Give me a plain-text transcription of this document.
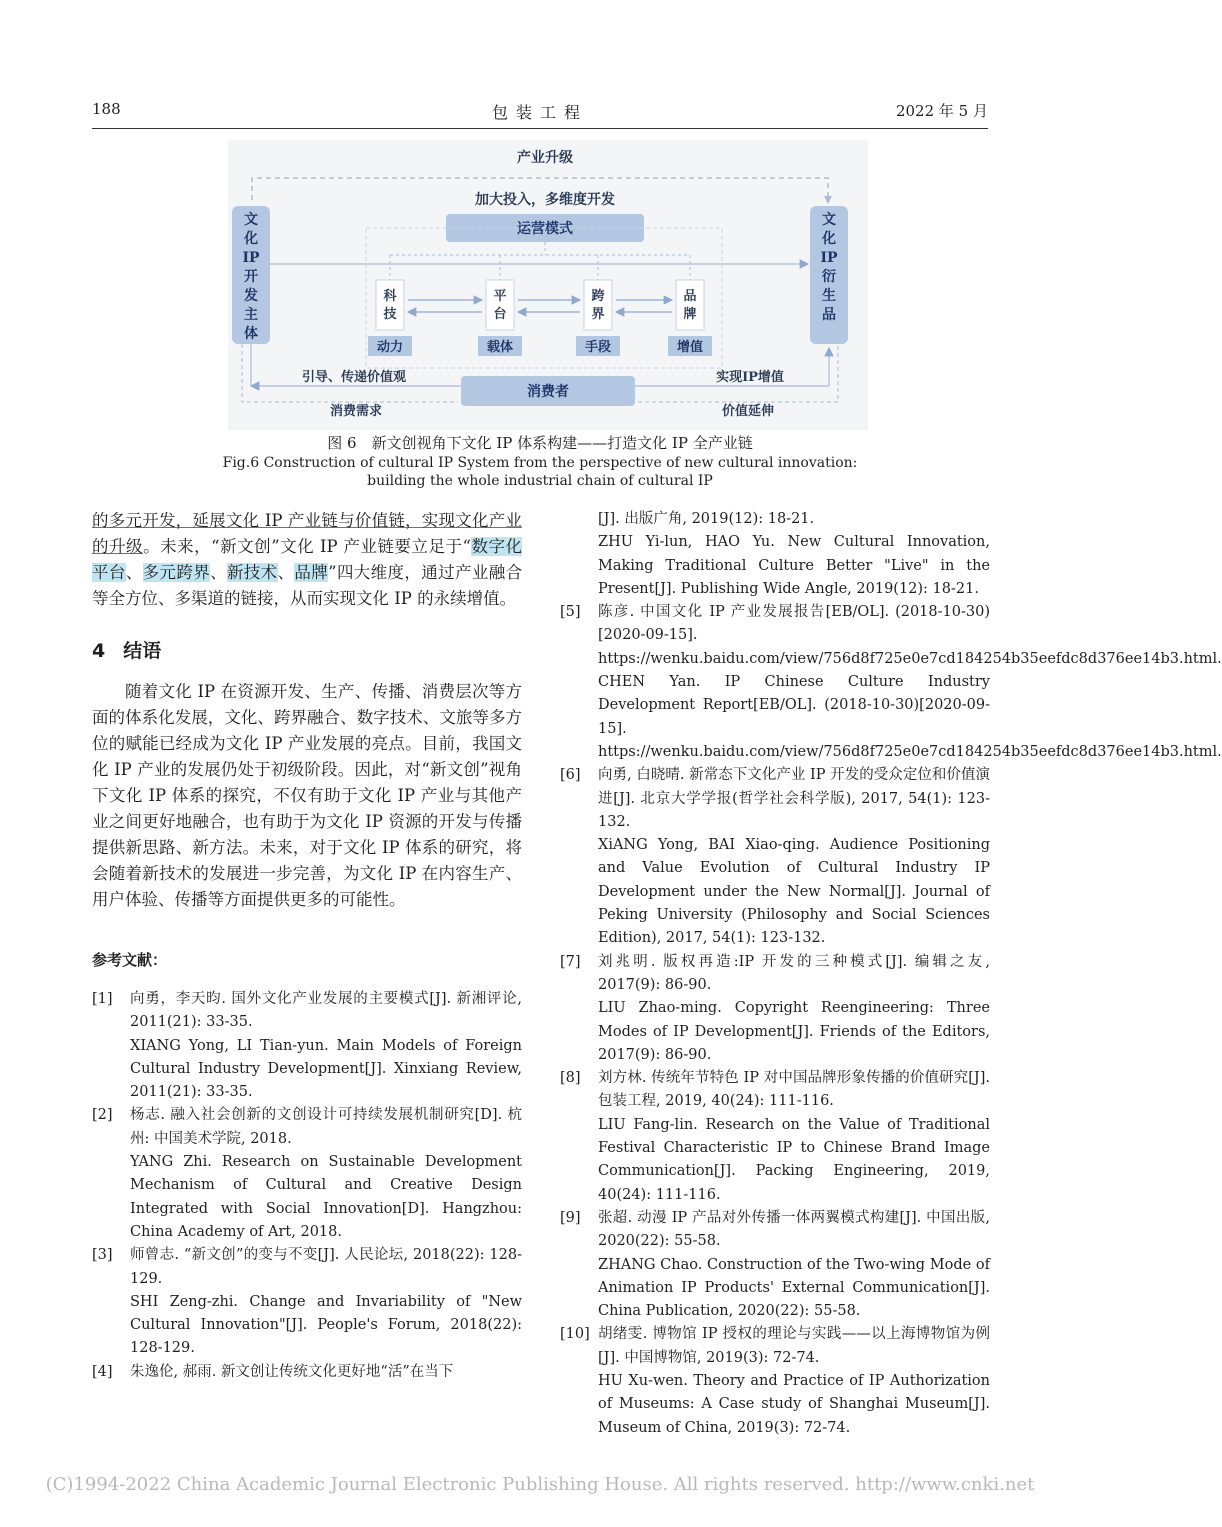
188	包装工程	2022 年 5 月
产业升级
文化 IP 开发主体
文化 IP 衍生品
加大投入，多维度开发
运营模式
科技
动力
平台
载体
跨界
手段
品牌
增值
引导、传递价值观	实现IP增值
消费者
消费需求	价值延伸
图 6　新文创视角下文化 IP 体系构建——打造文化 IP 全产业链
Fig.6 Construction of cultural IP System from the perspective of new cultural innovation:
building the whole industrial chain of cultural IP

的多元开发，延展文化 IP 产业链与价值链，实现文化产业的升级。未来，“新文创”文化 IP 产业链要立足于“数字化平台、多元跨界、新技术、品牌”四大维度，通过产业融合等全方位、多渠道的链接，从而实现文化 IP 的永续增值。

4 结语

随着文化 IP 在资源开发、生产、传播、消费层次等方面的体系化发展，文化、跨界融合、数字技术、文旅等多方位的赋能已经成为文化 IP 产业发展的亮点。目前，我国文化 IP 产业的发展仍处于初级阶段。因此，对“新文创”视角下文化 IP 体系的探究，不仅有助于文化 IP 产业与其他产业之间更好地融合，也有助于为文化 IP 资源的开发与传播提供新思路、新方法。未来，对于文化 IP 体系的研究，将会随着新技术的发展进一步完善，为文化 IP 在内容生产、用户体验、传播等方面提供更多的可能性。

参考文献：

[1] 向勇，李天昀. 国外文化产业发展的主要模式[J]. 新湘评论, 2011(21): 33-35.
XIANG Yong, LI Tian-yun. Main Models of Foreign Cultural Industry Development[J]. Xinxiang Review, 2011(21): 33-35.

[2] 杨志. 融入社会创新的文创设计可持续发展机制研究[D]. 杭州: 中国美术学院, 2018.
YANG Zhi. Research on Sustainable Development Mechanism of Cultural and Creative Design Integrated with Social Innovation[D]. Hangzhou: China Academy of Art, 2018.

[3] 师曾志. “新文创”的变与不变[J]. 人民论坛, 2018(22): 128-129.
SHI Zeng-zhi. Change and Invariability of "New Cultural Innovation"[J]. People's Forum, 2018(22): 128-129.

[4] 朱逸伦, 郝雨. 新文创让传统文化更好地“活”在当下

[J]. 出版广角, 2019(12): 18-21.
ZHU Yi-lun, HAO Yu. New Cultural Innovation, Making Traditional Culture Better "Live" in the Present[J]. Publishing Wide Angle, 2019(12): 18-21.

[5] 陈彦. 中国文化 IP 产业发展报告[EB/OL]. (2018-10-30)[2020-09-15]. https://wenku.baidu.com/view/756d8f725e0e7cd184254b35eefdc8d376ee14b3.html.
CHEN Yan. IP Chinese Culture Industry Development Report[EB/OL]. (2018-10-30)[2020-09-15]. https://wenku.baidu.com/view/756d8f725e0e7cd184254b35eefdc8d376ee14b3.html.

[6] 向勇, 白晓晴. 新常态下文化产业 IP 开发的受众定位和价值演进[J]. 北京大学学报(哲学社会科学版), 2017, 54(1): 123-132.
XiANG Yong, BAI Xiao-qing. Audience Positioning and Value Evolution of Cultural Industry IP Development under the New Normal[J]. Journal of Peking University (Philosophy and Social Sciences Edition), 2017, 54(1): 123-132.

[7] 刘兆明. 版权再造:IP 开发的三种模式[J]. 编辑之友, 2017(9): 86-90.
LIU Zhao-ming. Copyright Reengineering: Three Modes of IP Development[J]. Friends of the Editors, 2017(9): 86-90.

[8] 刘方林. 传统年节特色 IP 对中国品牌形象传播的价值研究[J]. 包装工程, 2019, 40(24): 111-116.
LIU Fang-lin. Research on the Value of Traditional Festival Characteristic IP to Chinese Brand Image Communication[J]. Packing Engineering, 2019, 40(24): 111-116.

[9] 张超. 动漫 IP 产品对外传播一体两翼模式构建[J]. 中国出版, 2020(22): 55-58.
ZHANG Chao. Construction of the Two-wing Mode of Animation IP Products' External Communication[J]. China Publication, 2020(22): 55-58.

[10] 胡绪雯. 博物馆 IP 授权的理论与实践——以上海博物馆为例[J]. 中国博物馆, 2019(3): 72-74.
HU Xu-wen. Theory and Practice of IP Authorization of Museums: A Case study of Shanghai Museum[J]. Museum of China, 2019(3): 72-74.

(C)1994-2022 China Academic Journal Electronic Publishing House. All rights reserved. http://www.cnki.net
